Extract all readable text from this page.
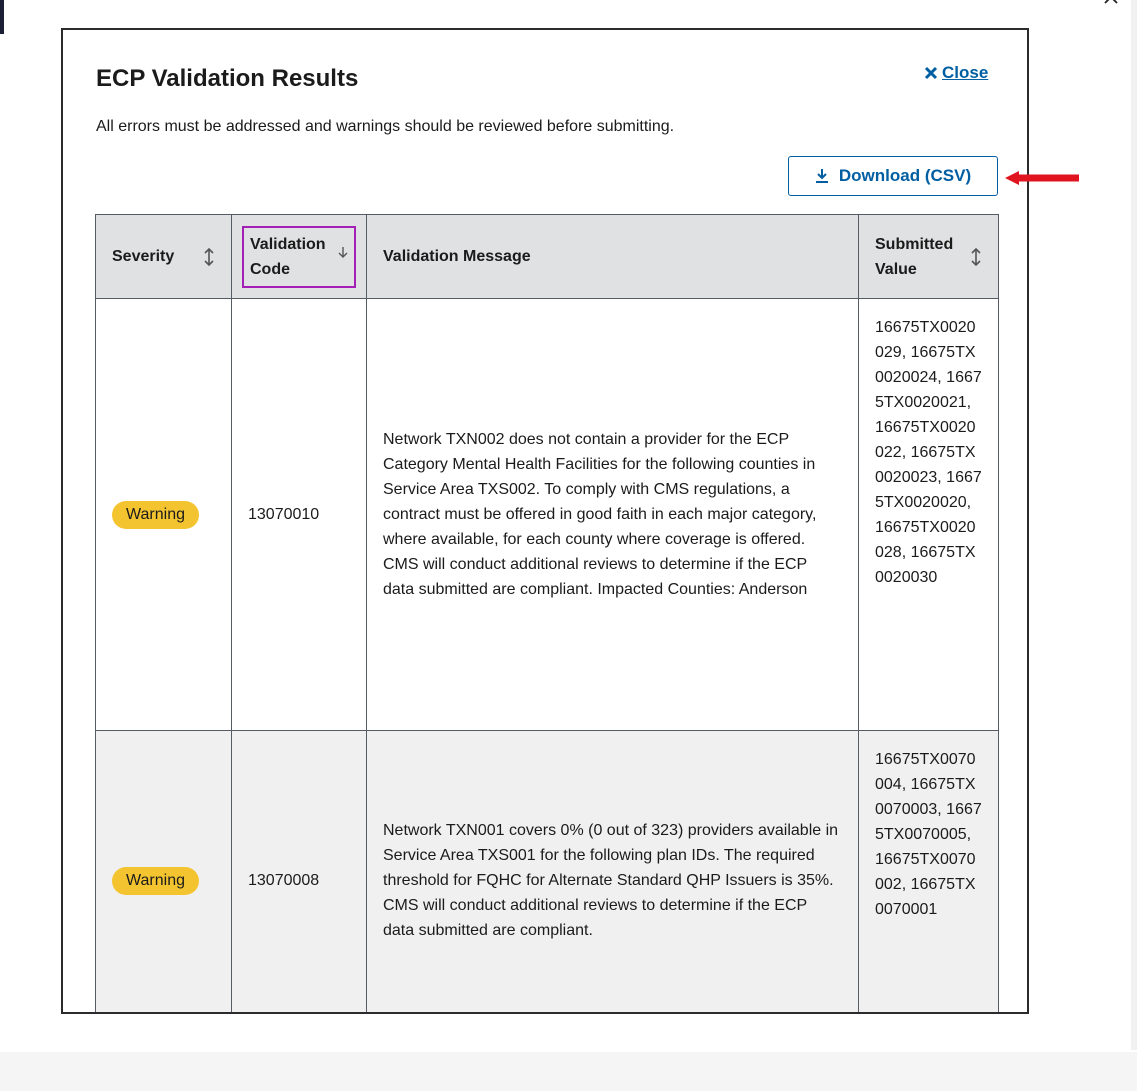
ECP Validation Results	Close
All errors must be addressed and warnings should be reviewed before submitting.
Download (CSV)
Severity	Validation Code	Validation Message	Submitted Value

Warning	13070010	Network TXN002 does not contain a provider for the ECP Category Mental Health Facilities for the following counties in Service Area TXS002. To comply with CMS regulations, a contract must be offered in good faith in each major category, where available, for each county where coverage is offered. CMS will conduct additional reviews to determine if the ECP data submitted are compliant. Impacted Counties: Anderson	16675TX0020029, 16675TX0020024, 16675TX0020021, 16675TX0020022, 16675TX0020023, 16675TX0020020, 16675TX0020028, 16675TX0020030
Warning	13070008	Network TXN001 covers 0% (0 out of 323) providers available in Service Area TXS001 for the following plan IDs. The required threshold for FQHC for Alternate Standard QHP Issuers is 35%. CMS will conduct additional reviews to determine if the ECP data submitted are compliant.	16675TX0070004, 16675TX0070003, 16675TX0070005, 16675TX0070002, 16675TX0070001
